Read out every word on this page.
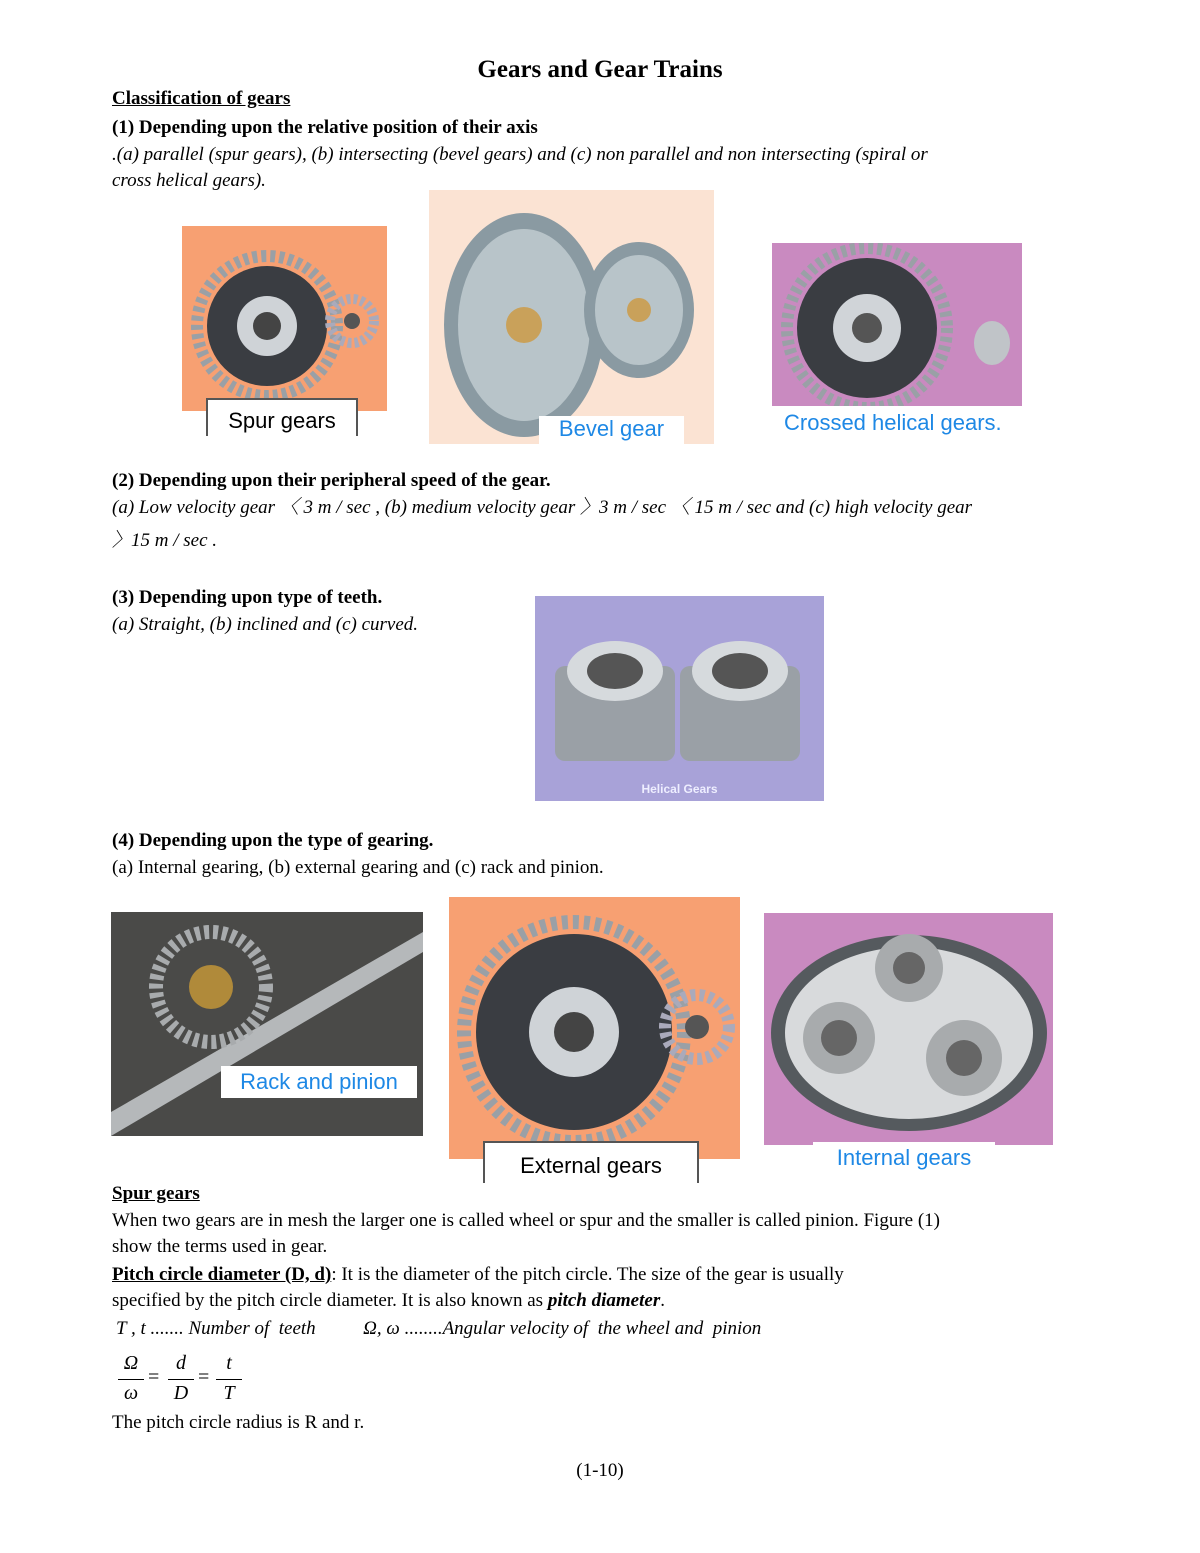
Gears and Gear Trains
Classification of gears
(1) Depending upon the relative position of their axis
.(a) parallel (spur gears), (b) intersecting (bevel gears) and (c) non parallel and non intersecting (spiral or
cross helical gears).
Spur gears	Bevel gear	Crossed helical gears.
(2) Depending upon their peripheral speed of the gear.
(a) Low velocity gear 〈 3 m / sec , (b) medium velocity gear 〉3 m / sec 〈 15 m / sec and (c) high velocity gear
〉15 m / sec .
(3) Depending upon type of teeth.
(a) Straight, (b) inclined and (c) curved.
Helical Gears
(4) Depending upon the type of gearing.
(a) Internal gearing, (b) external gearing and (c) rack and pinion.
Rack and pinion
External gears	Internal gears
Spur gears
When two gears are in mesh the larger one is called wheel or spur and the smaller is called pinion. Figure (1)
show the terms used in gear.
Pitch circle diameter (D, d): It is the diameter of the pitch circle. The size of the gear is usually
specified by the pitch circle diameter. It is also known as pitch diameter.
T , t ....... Number of  teeth          Ω, ω ........Angular velocity of  the wheel and  pinion
Ω
ω
=
d
D
=
t
T
The pitch circle radius is R and r.
(1-10)
